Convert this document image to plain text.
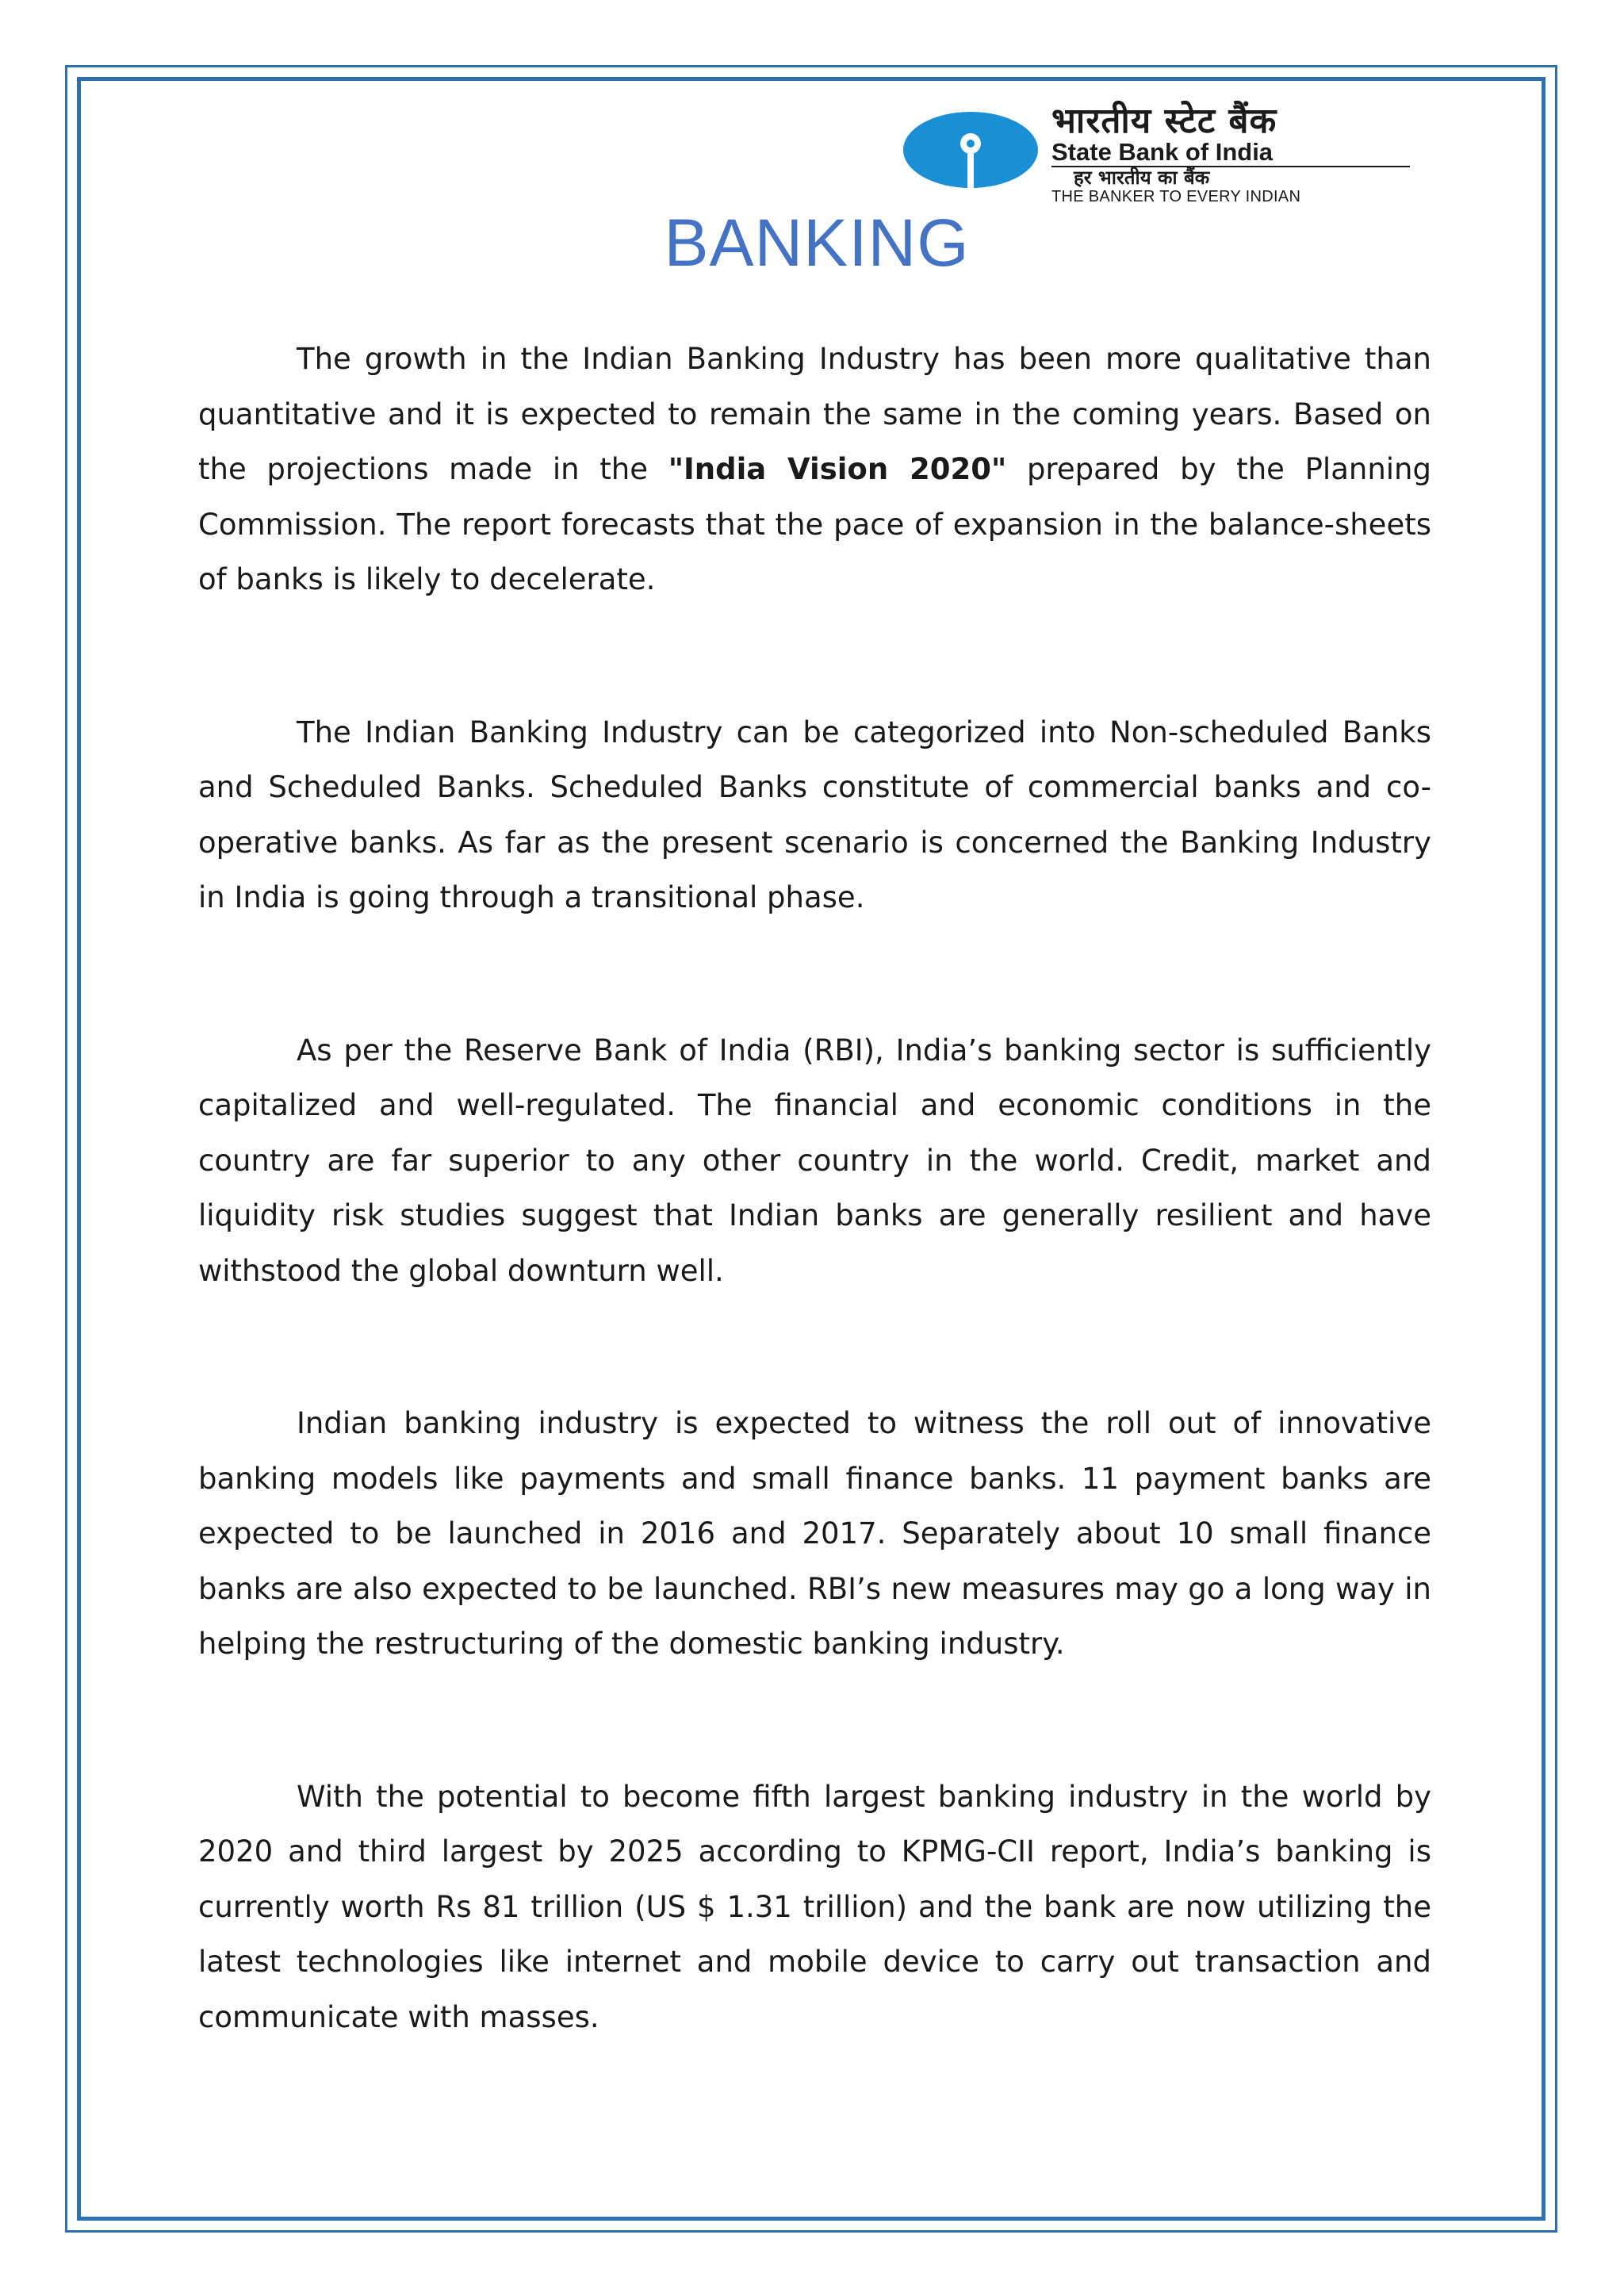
भारतीय स्टेट बैंक
State Bank of India
हर भारतीय का बैंक
THE BANKER TO EVERY INDIAN
BANKING

The growth in the Indian Banking Industry has been more qualitative than quantitative and it is expected to remain the same in the coming years. Based on the projections made in the "India Vision 2020" prepared by the Planning Commission. The report forecasts that the pace of expansion in the balance-sheets of banks is likely to decelerate.

The Indian Banking Industry can be categorized into Non-scheduled Banks and Scheduled Banks. Scheduled Banks constitute of commercial banks and co-operative banks. As far as the present scenario is concerned the Banking Industry in India is going through a transitional phase.

As per the Reserve Bank of India (RBI), India’s banking sector is sufficiently capitalized and well-regulated. The financial and economic conditions in the country are far superior to any other country in the world. Credit, market and liquidity risk studies suggest that Indian banks are generally resilient and have withstood the global downturn well.

Indian banking industry is expected to witness the roll out of innovative banking models like payments and small finance banks. 11 payment banks are expected to be launched in 2016 and 2017. Separately about 10 small finance banks are also expected to be launched. RBI’s new measures may go a long way in helping the restructuring of the domestic banking industry.

With the potential to become fifth largest banking industry in the world by 2020 and third largest by 2025 according to KPMG-CII report, India’s banking is currently worth Rs 81 trillion (US $ 1.31 trillion) and the bank are now utilizing the latest technologies like internet and mobile device to carry out transaction and communicate with masses.
